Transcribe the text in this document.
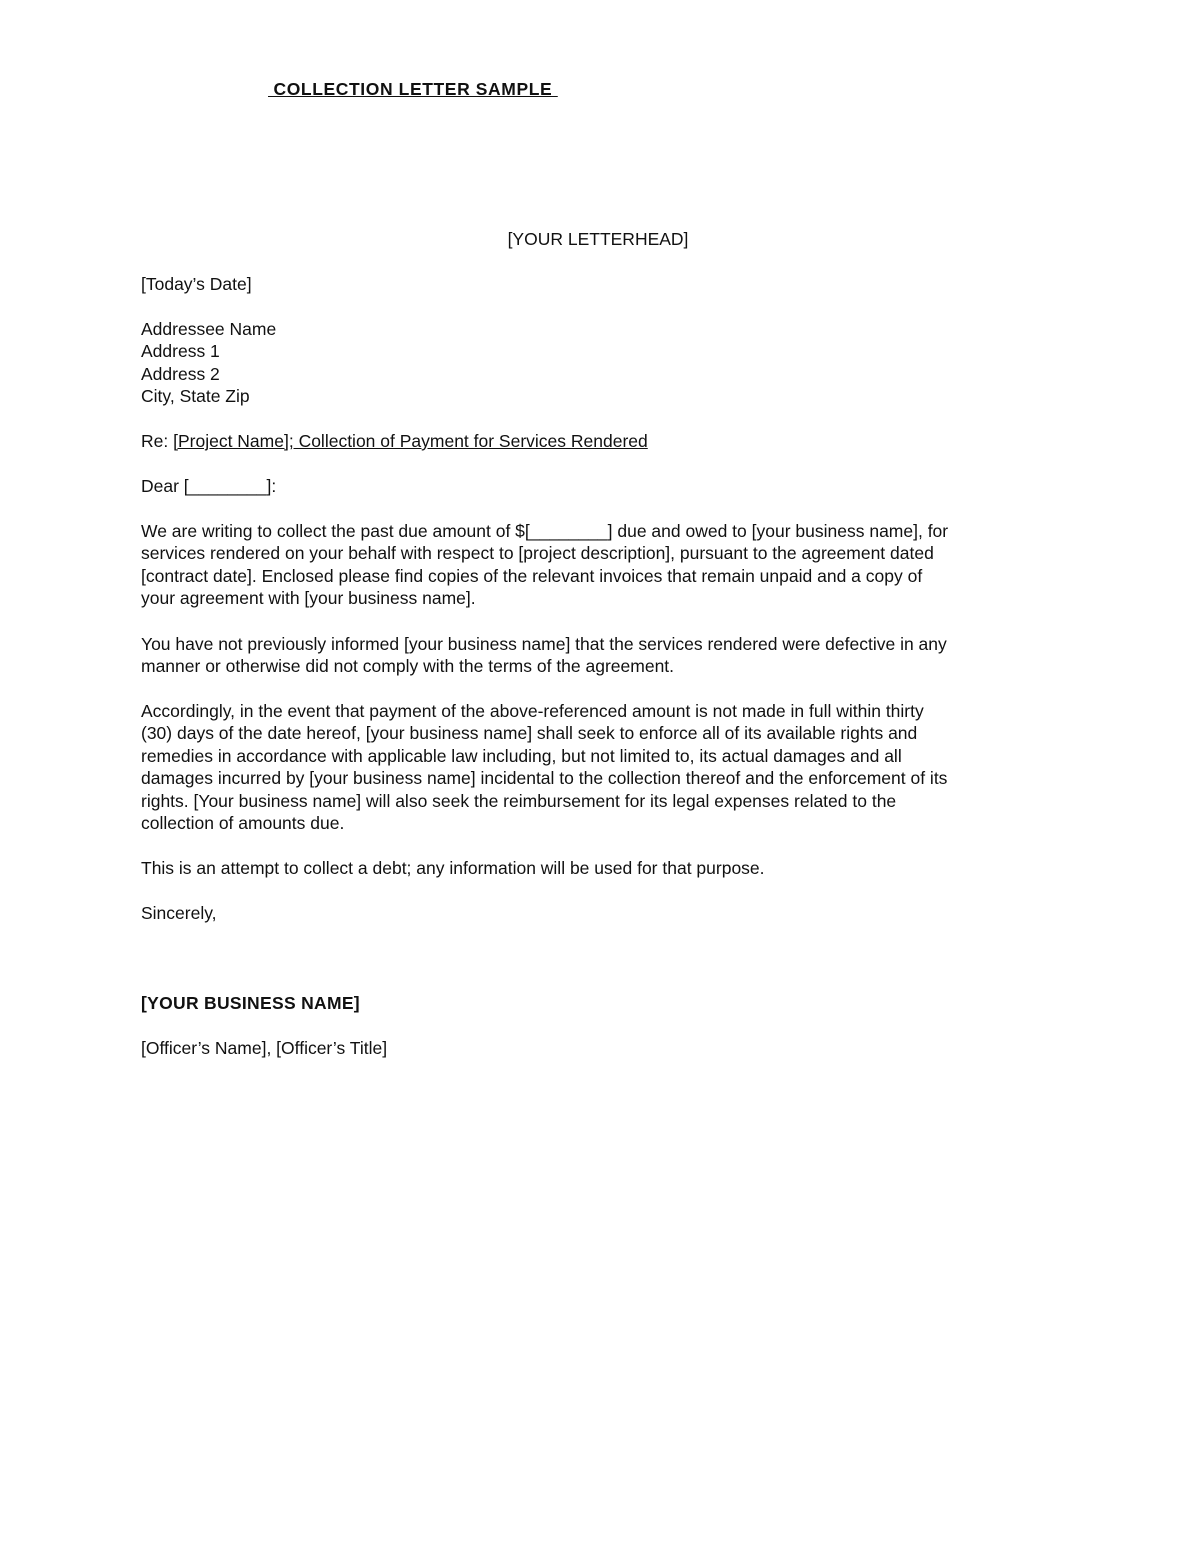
COLLECTION LETTER SAMPLE
[YOUR LETTERHEAD]
[Today’s Date]
Addressee Name
Address 1
Address 2
City, State Zip
Re: [Project Name]; Collection of Payment for Services Rendered
Dear [________]:
We are writing to collect the past due amount of $[________] due and owed to [your business name], for
services rendered on your behalf with respect to [project description], pursuant to the agreement dated
[contract date]. Enclosed please find copies of the relevant invoices that remain unpaid and a copy of
your agreement with [your business name].
You have not previously informed [your business name] that the services rendered were defective in any
manner or otherwise did not comply with the terms of the agreement.
Accordingly, in the event that payment of the above-referenced amount is not made in full within thirty
(30) days of the date hereof, [your business name] shall seek to enforce all of its available rights and
remedies in accordance with applicable law including, but not limited to, its actual damages and all
damages incurred by [your business name] incidental to the collection thereof and the enforcement of its
rights. [Your business name] will also seek the reimbursement for its legal expenses related to the
collection of amounts due.
This is an attempt to collect a debt; any information will be used for that purpose.
Sincerely,
[YOUR BUSINESS NAME]
[Officer’s Name], [Officer’s Title]
